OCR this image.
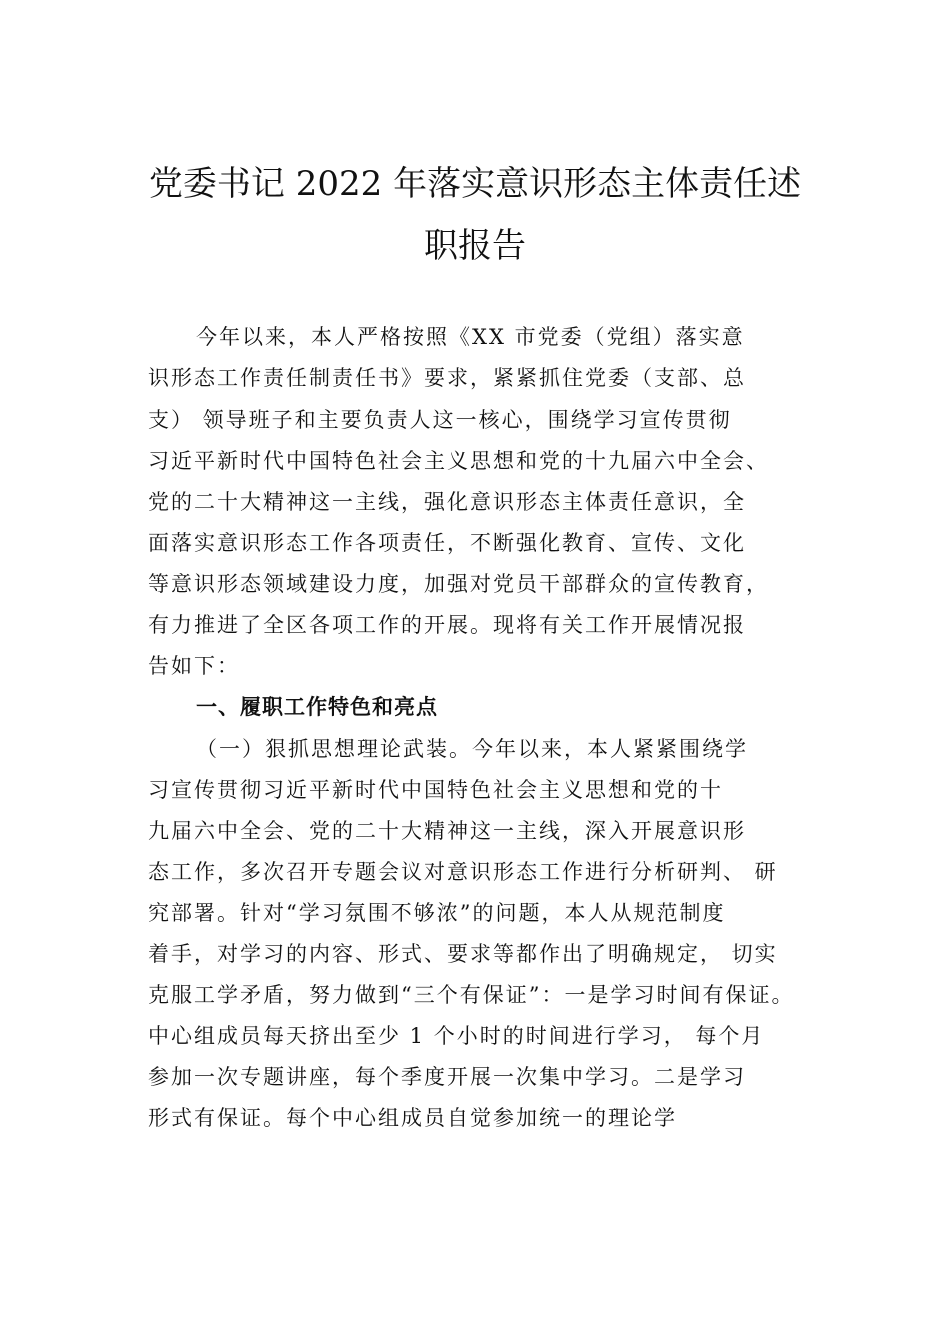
党委书记 2022 年落实意识形态主体责任述
职报告
今年以来，本人严格按照《XX 市党委（党组）落实意
识形态工作责任制责任书》要求，紧紧抓住党委（支部、总
支） 领导班子和主要负责人这一核心，围绕学习宣传贯彻
习近平新时代中国特色社会主义思想和党的十九届六中全会、
党的二十大精神这一主线，强化意识形态主体责任意识，全
面落实意识形态工作各项责任，不断强化教育、宣传、文化
等意识形态领域建设力度，加强对党员干部群众的宣传教育，
有力推进了全区各项工作的开展。现将有关工作开展情况报
告如下：
一、履职工作特色和亮点
（一）狠抓思想理论武装。今年以来，本人紧紧围绕学
习宣传贯彻习近平新时代中国特色社会主义思想和党的十
九届六中全会、党的二十大精神这一主线，深入开展意识形
态工作，多次召开专题会议对意识形态工作进行分析研判、 研
究部署。针对“学习氛围不够浓”的问题，本人从规范制度
着手，对学习的内容、形式、要求等都作出了明确规定， 切实
克服工学矛盾，努力做到“三个有保证”：一是学习时间有保证。
中心组成员每天挤出至少 1 个小时的时间进行学习， 每个月
参加一次专题讲座，每个季度开展一次集中学习。二是学习
形式有保证。每个中心组成员自觉参加统一的理论学
